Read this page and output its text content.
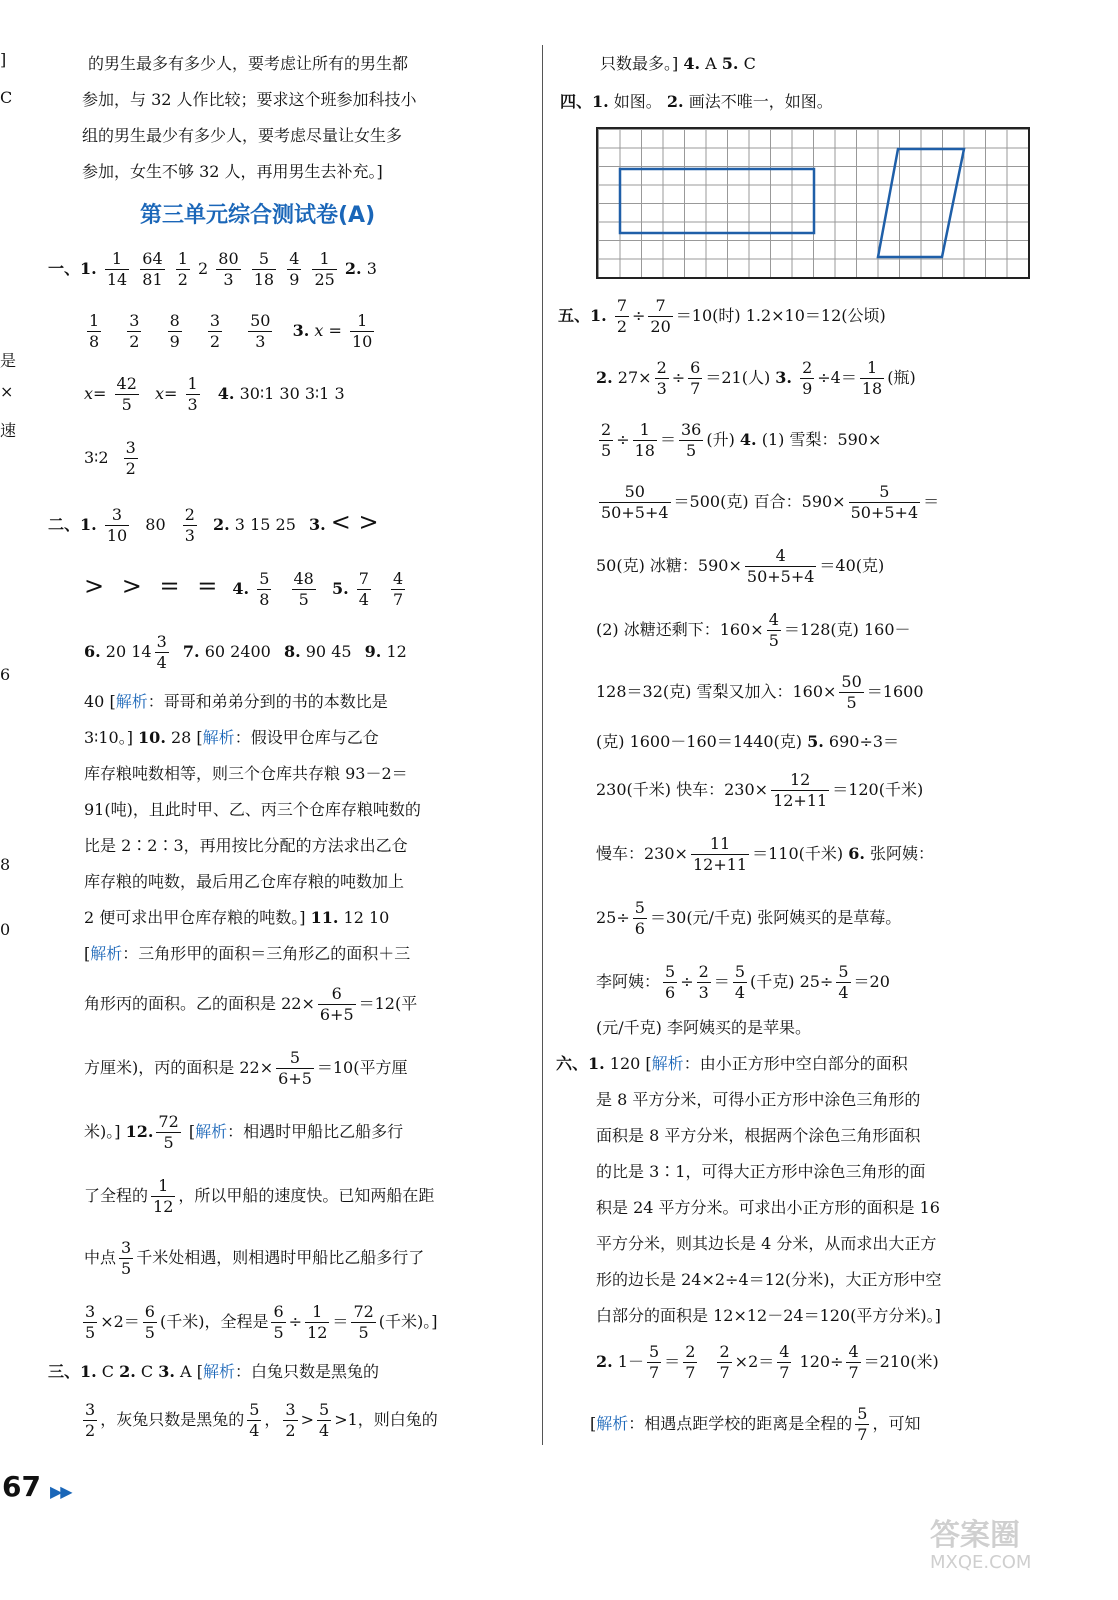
]
C
是
×
速
6
8
0
的男生最多有多少人，要考虑让所有的男生都
参加，与 32 人作比较；要求这个班参加科技小
组的男生最少有多少人，要考虑尽量让女生多
参加，女生不够 32 人，再用男生去补充。]
第三单元综合测试卷(A)
一、1. $\frac{1}{14}$
$\frac{64}{81}$
$\frac{1}{2} 2 \frac{80}{3}$
$\frac{5}{18}$
$\frac{4}{9}$
$\frac{1}{25} 2$. 3
$\frac{1}{8}$
$\frac{3}{2}$
$\frac{8}{9}$
$\frac{3}{2}$
$\frac{50}{3} 3$. $x = \frac{1}{10}$
$x= \frac{42}{5} x= \frac{1}{3} 4$. 30∶1 30 3∶1 3
3∶2 $\frac{3}{2}$
二、1. $\frac{3}{10} 80 \frac{2}{3} 2$. 3 15 25 3. < >
> > = = 4. $\frac{5}{8}$
$\frac{48}{5} 5$. $\frac{7}{4}$
$\frac{4}{7}$
6. 20 $14 \frac{3}{4} 7$. 60 2400 8. 90 45 9. 12
40 [解析：哥哥和弟弟分到的书的本数比是
3∶10。] 10. 28 [解析：假设甲仓库与乙仓
库存粮吨数相等，则三个仓库共存粮 93－2＝
91(吨)，且此时甲、乙、丙三个仓库存粮吨数的
比是 2∶2∶3，再用按比分配的方法求出乙仓
库存粮的吨数，最后用乙仓库存粮的吨数加上
2 便可求出甲仓库存粮的吨数。] 11. 12 10
[解析：三角形甲的面积＝三角形乙的面积＋三
角形丙的面积。乙的面积是 $22\times \frac{6}{6+5} =12$(平
方厘米)，丙的面积是 $22\times \frac{5}{6+5} =10$(平方厘
米)。] 12. $\frac{72}{5}$ [解析：相遇时甲船比乙船多行
了全程的 $\frac{1}{12}$ ，所以甲船的速度快。已知两船在距
中点 $\frac{3}{5}$ 千米处相遇，则相遇时甲船比乙船多行了
$\frac{3}{5} \times 2= \frac{6}{5}$ (千米)，全程是 $\frac{6}{5} \div \frac{1}{12} = \frac{72}{5}$ (千米)。]
三、1. C 2. C 3. A [解析：白兔只数是黑兔的
$\frac{3}{2}$ ，灰兔只数是黑兔的 $\frac{5}{4}$ ， $\frac{3}{2} > \frac{5}{4} >1$，则白兔的
只数最多。] 4. A 5. C
四、1. 如图。 2. 画法不唯一，如图。
五、1. $\frac{7}{2} \div \frac{7}{20} =10$(时) 1.2×10＝12(公顷)
2. $27\times \frac{2}{3} \div \frac{6}{7} =21$(人) 3. $\frac{2}{9} \div 4= \frac{1}{18}$ (瓶)
$\frac{2}{5} \div \frac{1}{18} = \frac{36}{5}$ (升) 4. (1) 雪梨：590×
$\frac{50}{50+5+4} =500$(克) 百合：$590\times \frac{5}{50+5+4}$ ＝
50(克) 冰糖：$590\times \frac{4}{50+5+4} =40$(克)
(2) 冰糖还剩下：$160\times \frac{4}{5} =128$(克) 160－
128＝32(克) 雪梨又加入：$160\times \frac{50}{5} =1600$
(克) 1600－160＝1440(克) 5. 690÷3＝
230(千米) 快车：$230\times \frac{12}{12+11} =120$(千米)
慢车：$230\times \frac{11}{12+11} =110$(千米) 6. 张阿姨：
$25\div \frac{5}{6} =30$(元/千克) 张阿姨买的是草莓。
李阿姨： $\frac{5}{6} \div \frac{2}{3} = \frac{5}{4}$ (千克) $25\div \frac{5}{4} =20$
(元/千克) 李阿姨买的是苹果。
六、1. 120 [解析：由小正方形中空白部分的面积
是 8 平方分米，可得小正方形中涂色三角形的
面积是 8 平方分米，根据两个涂色三角形面积
的比是 3∶1，可得大正方形中涂色三角形的面
积是 24 平方分米。可求出小正方形的面积是 16
平方分米，则其边长是 4 分米，从而求出大正方
形的边长是 24×2÷4＝12(分米)，大正方形中空
白部分的面积是 12×12－24＝120(平方分米)。]
2. $1- \frac{5}{7} = \frac{2}{7}$
$\frac{2}{7} \times 2= \frac{4}{7} 120\div \frac{4}{7} =210$(米)
[解析：相遇点距学校的距离是全程的 $\frac{5}{7}$ ，可知
67 ▶▶
答案圈
MXQE.COM
